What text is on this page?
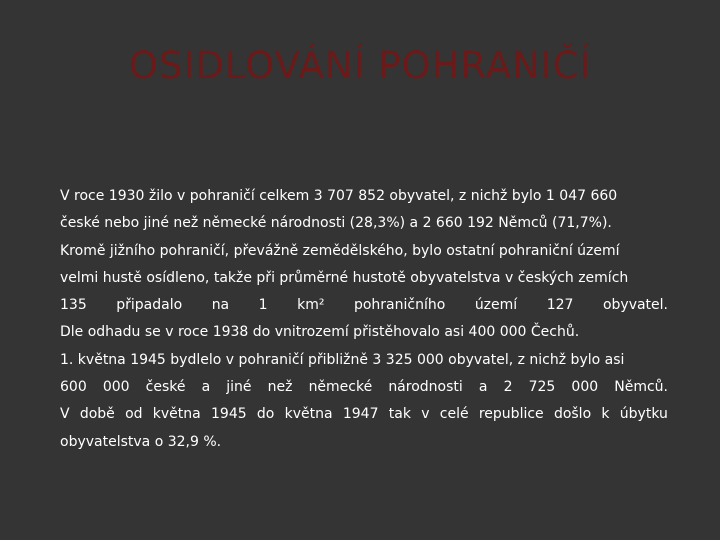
OSIDLOVÁNÍ POHRANIČÍ
V roce 1930 žilo v pohraničí celkem 3 707 852 obyvatel, z nichž bylo 1 047 660
české nebo jiné než německé národnosti (28,3%) a 2 660 192 Němců (71,7%).
Kromě jižního pohraničí, převážně zemědělského, bylo ostatní pohraniční území
velmi hustě osídleno, takže při průměrné hustotě obyvatelstva v českých zemích
135 připadalo na 1 km² pohraničního území 127 obyvatel.
Dle odhadu se v roce 1938 do vnitrozemí přistěhovalo asi 400 000 Čechů.
1. května 1945 bydlelo v pohraničí přibližně 3 325 000 obyvatel, z nichž bylo asi
600 000 české a jiné než německé národnosti a 2 725 000 Němců.
V době od května 1945 do května 1947 tak v celé republice došlo k úbytku
obyvatelstva o 32,9 %.
